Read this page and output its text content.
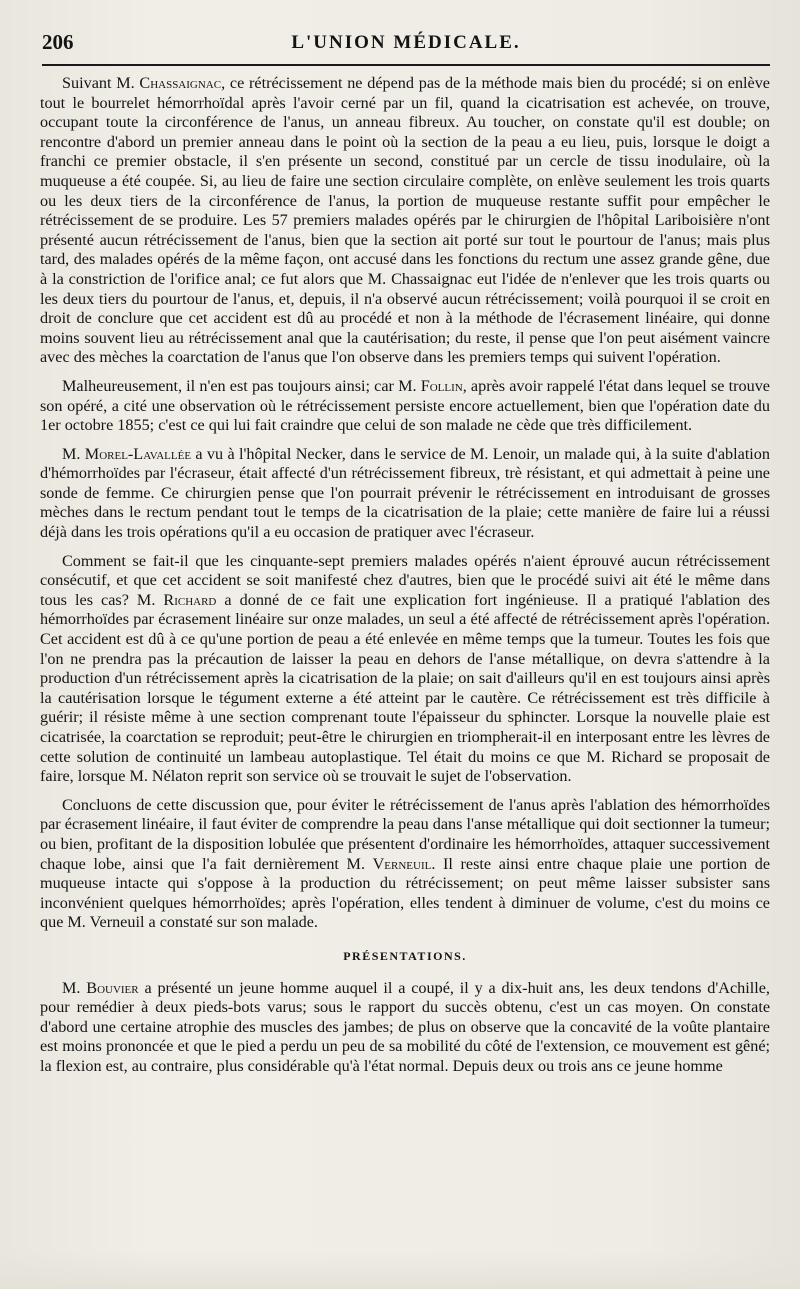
206	L'UNION MÉDICALE.

Suivant M. Chassaignac, ce rétrécissement ne dépend pas de la méthode mais bien du procédé; si on enlève tout le bourrelet hémorrhoïdal après l'avoir cerné par un fil, quand la cicatrisation est achevée, on trouve, occupant toute la circonférence de l'anus, un anneau fibreux. Au toucher, on constate qu'il est double; on rencontre d'abord un premier anneau dans le point où la section de la peau a eu lieu, puis, lorsque le doigt a franchi ce premier obstacle, il s'en présente un second, constitué par un cercle de tissu inodulaire, où la muqueuse a été coupée. Si, au lieu de faire une section circulaire complète, on enlève seulement les trois quarts ou les deux tiers de la circonférence de l'anus, la portion de muqueuse restante suffit pour empêcher le rétrécissement de se produire. Les 57 premiers malades opérés par le chirurgien de l'hôpital Lariboisière n'ont présenté aucun rétrécissement de l'anus, bien que la section ait porté sur tout le pourtour de l'anus; mais plus tard, des malades opérés de la même façon, ont accusé dans les fonctions du rectum une assez grande gêne, due à la constriction de l'orifice anal; ce fut alors que M. Chassaignac eut l'idée de n'enlever que les trois quarts ou les deux tiers du pourtour de l'anus, et, depuis, il n'a observé aucun rétrécissement; voilà pourquoi il se croit en droit de conclure que cet accident est dû au procédé et non à la méthode de l'écrasement linéaire, qui donne moins souvent lieu au rétrécissement anal que la cautérisation; du reste, il pense que l'on peut aisément vaincre avec des mèches la coarctation de l'anus que l'on observe dans les premiers temps qui suivent l'opération.

Malheureusement, il n'en est pas toujours ainsi; car M. Follin, après avoir rappelé l'état dans lequel se trouve son opéré, a cité une observation où le rétrécissement persiste encore actuellement, bien que l'opération date du 1er octobre 1855; c'est ce qui lui fait craindre que celui de son malade ne cède que très difficilement.

M. Morel-Lavallée a vu à l'hôpital Necker, dans le service de M. Lenoir, un malade qui, à la suite d'ablation d'hémorrhoïdes par l'écraseur, était affecté d'un rétrécissement fibreux, trè résistant, et qui admettait à peine une sonde de femme. Ce chirurgien pense que l'on pourrait prévenir le rétrécissement en introduisant de grosses mèches dans le rectum pendant tout le temps de la cicatrisation de la plaie; cette manière de faire lui a réussi déjà dans les trois opérations qu'il a eu occasion de pratiquer avec l'écraseur.

Comment se fait-il que les cinquante-sept premiers malades opérés n'aient éprouvé aucun rétrécissement consécutif, et que cet accident se soit manifesté chez d'autres, bien que le procédé suivi ait été le même dans tous les cas? M. Richard a donné de ce fait une explication fort ingénieuse. Il a pratiqué l'ablation des hémorrhoïdes par écrasement linéaire sur onze malades, un seul a été affecté de rétrécissement après l'opération. Cet accident est dû à ce qu'une portion de peau a été enlevée en même temps que la tumeur. Toutes les fois que l'on ne prendra pas la précaution de laisser la peau en dehors de l'anse métallique, on devra s'attendre à la production d'un rétrécissement après la cicatrisation de la plaie; on sait d'ailleurs qu'il en est toujours ainsi après la cautérisation lorsque le tégument externe a été atteint par le cautère. Ce rétrécissement est très difficile à guérir; il résiste même à une section comprenant toute l'épaisseur du sphincter. Lorsque la nouvelle plaie est cicatrisée, la coarctation se reproduit; peut-être le chirurgien en triompherait-il en interposant entre les lèvres de cette solution de continuité un lambeau autoplastique. Tel était du moins ce que M. Richard se proposait de faire, lorsque M. Nélaton reprit son service où se trouvait le sujet de l'observation.

Concluons de cette discussion que, pour éviter le rétrécissement de l'anus après l'ablation des hémorrhoïdes par écrasement linéaire, il faut éviter de comprendre la peau dans l'anse métallique qui doit sectionner la tumeur; ou bien, profitant de la disposition lobulée que présentent d'ordinaire les hémorrhoïdes, attaquer successivement chaque lobe, ainsi que l'a fait dernièrement M. Verneuil. Il reste ainsi entre chaque plaie une portion de muqueuse intacte qui s'oppose à la production du rétrécissement; on peut même laisser subsister sans inconvénient quelques hémorrhoïdes; après l'opération, elles tendent à diminuer de volume, c'est du moins ce que M. Verneuil a constaté sur son malade.

PRÉSENTATIONS.

M. Bouvier a présenté un jeune homme auquel il a coupé, il y a dix-huit ans, les deux tendons d'Achille, pour remédier à deux pieds-bots varus; sous le rapport du succès obtenu, c'est un cas moyen. On constate d'abord une certaine atrophie des muscles des jambes; de plus on observe que la concavité de la voûte plantaire est moins prononcée et que le pied a perdu un peu de sa mobilité du côté de l'extension, ce mouvement est gêné; la flexion est, au contraire, plus considérable qu'à l'état normal. Depuis deux ou trois ans ce jeune homme
